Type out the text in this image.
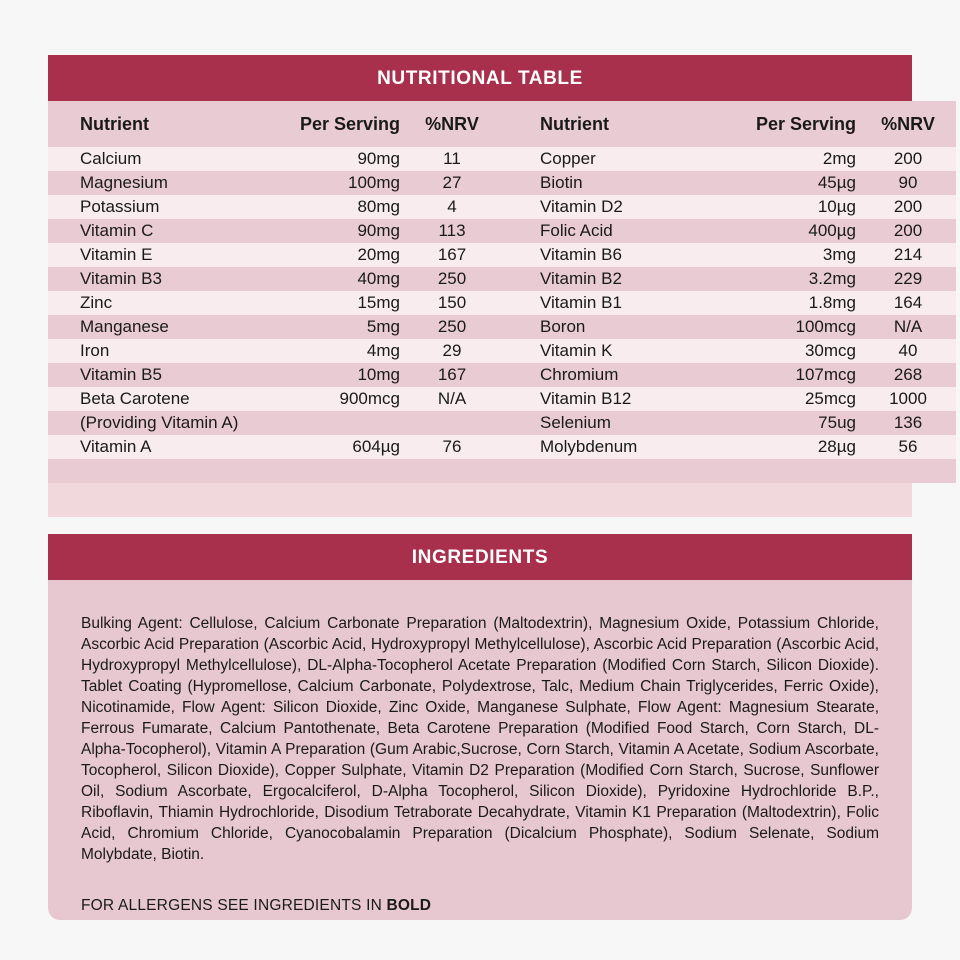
NUTRITIONAL TABLE
Nutrient	Per Serving	%NRV		Nutrient	Per Serving	%NRV
Calcium	90mg	11		Copper	2mg	200
Magnesium	100mg	27		Biotin	45µg	90
Potassium	80mg	4		Vitamin D2	10µg	200
Vitamin C	90mg	113		Folic Acid	400µg	200
Vitamin E	20mg	167		Vitamin B6	3mg	214
Vitamin B3	40mg	250		Vitamin B2	3.2mg	229
Zinc	15mg	150		Vitamin B1	1.8mg	164
Manganese	5mg	250		Boron	100mcg	N/A
Iron	4mg	29		Vitamin K	30mcg	40
Vitamin B5	10mg	167		Chromium	107mcg	268
Beta Carotene	900mcg	N/A		Vitamin B12	25mcg	1000
(Providing Vitamin A)				Selenium	75ug	136
Vitamin A	604µg	76		Molybdenum	28µg	56

INGREDIENTS

Bulking Agent: Cellulose, Calcium Carbonate Preparation (Maltodextrin), Magnesium Oxide, Potassium Chloride, Ascorbic Acid Preparation (Ascorbic Acid, Hydroxypropyl Methylcellulose), Ascorbic Acid Preparation (Ascorbic Acid, Hydroxypropyl Methylcellulose), DL-Alpha-Tocopherol Acetate Preparation (Modified Corn Starch, Silicon Dioxide). Tablet Coating (Hypromellose, Calcium Carbonate, Polydextrose, Talc, Medium Chain Triglycerides, Ferric Oxide), Nicotinamide, Flow Agent: Silicon Dioxide, Zinc Oxide, Manganese Sulphate, Flow Agent: Magnesium Stearate, Ferrous Fumarate, Calcium Pantothenate, Beta Carotene Preparation (Modified Food Starch, Corn Starch, DL-Alpha-Tocopherol), Vitamin A Preparation (Gum Arabic,Sucrose, Corn Starch, Vitamin A Acetate, Sodium Ascorbate, Tocopherol, Silicon Dioxide), Copper Sulphate, Vitamin D2 Preparation (Modified Corn Starch, Sucrose, Sunflower Oil, Sodium Ascorbate, Ergocalciferol, D-Alpha Tocopherol, Silicon Dioxide), Pyridoxine Hydrochloride B.P., Riboflavin, Thiamin Hydrochloride, Disodium Tetraborate Decahydrate, Vitamin K1 Preparation (Maltodextrin), Folic Acid, Chromium Chloride, Cyanocobalamin Preparation (Dicalcium Phosphate), Sodium Selenate, Sodium Molybdate, Biotin.

FOR ALLERGENS SEE INGREDIENTS IN BOLD
